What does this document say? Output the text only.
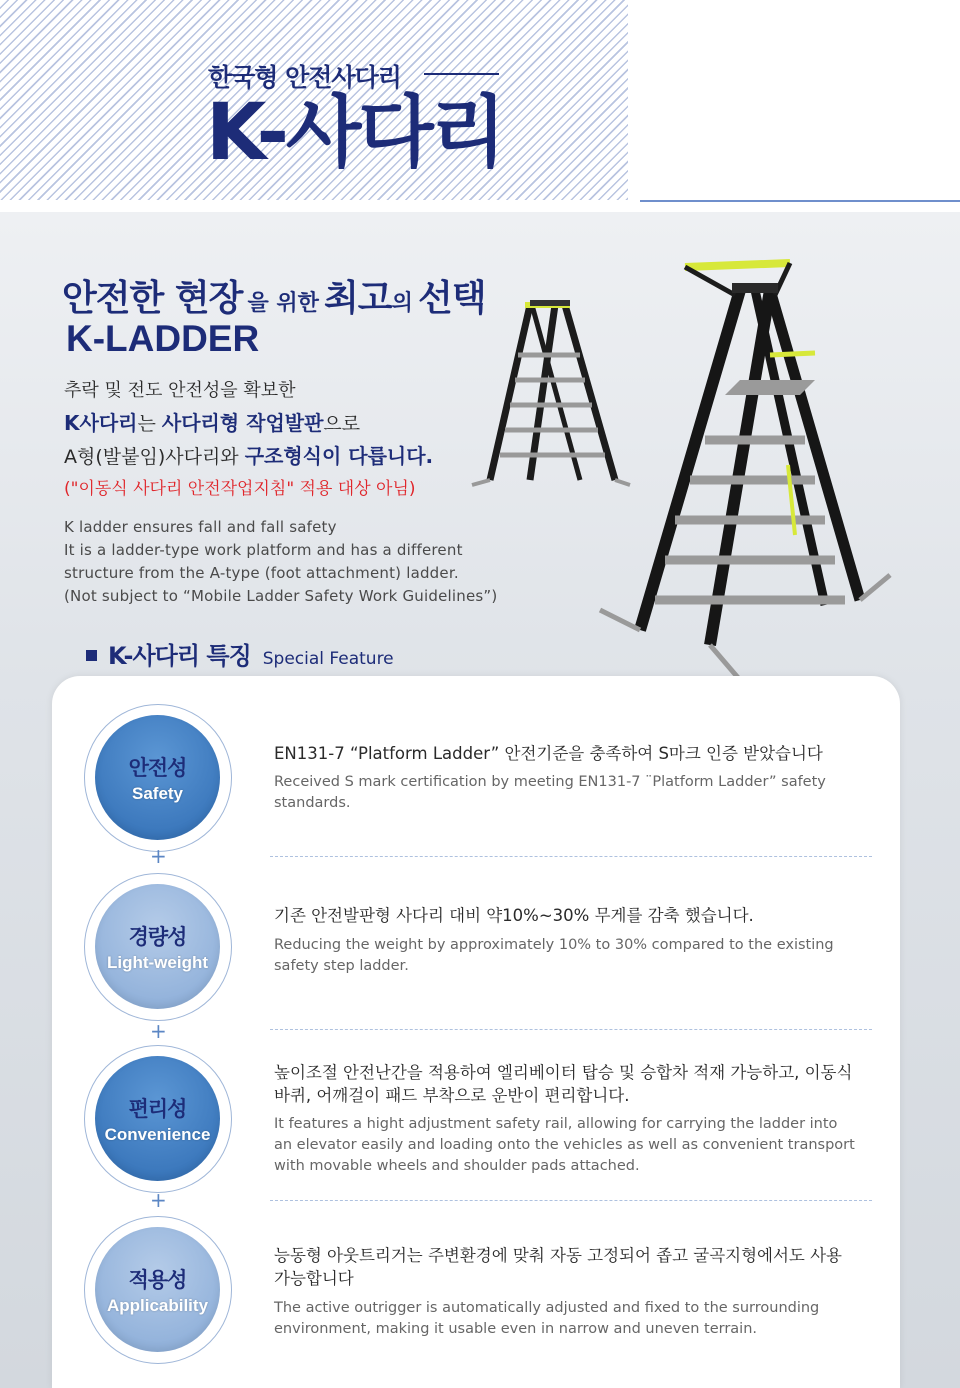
한국형 안전사다리
K-사다리
안전한 현장 을 위한 최고의 선택
K-LADDER
추락 및 전도 안전성을 확보한
K사다리는 사다리형 작업발판으로
A형(발붙임)사다리와 구조형식이 다릅니다.
("이동식 사다리 안전작업지침" 적용 대상 아님)
K ladder ensures fall and fall safety
It is a ladder-type work platform and has a different
structure from the A-type (foot attachment) ladder.
(Not subject to “Mobile Ladder Safety Work Guidelines”)
K-사다리 특징 Special Feature
안전성
Safety
EN131-7 “Platform Ladder” 안전기준을 충족하여 S마크 인증 받았습니다
Received S mark certification by meeting EN131-7 ¨Platform Ladder” safety standards.
+
경량성
Light-weight
기존 안전발판형 사다리 대비 약10%~30% 무게를 감축 했습니다.
Reducing the weight by approximately 10% to 30% compared to the existing safety step ladder.
+
편리성
Convenience
높이조절 안전난간을 적용하여 엘리베이터 탑승 및 승합차 적재 가능하고, 이동식 바퀴, 어깨걸이 패드 부착으로 운반이 편리합니다.
It features a hight adjustment safety rail, allowing for carrying the ladder into an elevator easily and loading onto the vehicles as well as convenient transport with movable wheels and shoulder pads attached.
+
적용성
Applicability
능동형 아웃트리거는 주변환경에 맞춰 자동 고정되어 좁고 굴곡지형에서도 사용 가능합니다
The active outrigger is automatically adjusted and fixed to the surrounding environment, making it usable even in narrow and uneven terrain.
